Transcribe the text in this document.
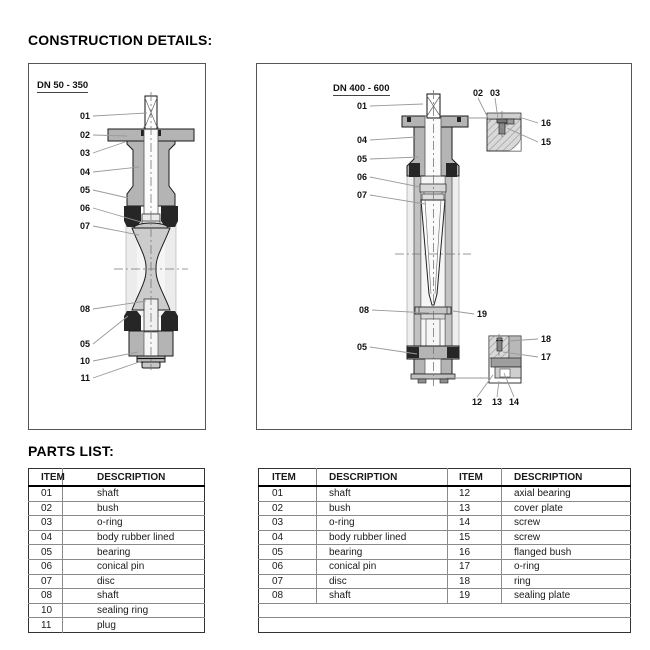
CONSTRUCTION DETAILS:
DN 50 - 350
01
02
03
04
05
06
07
08
05
10
11
DN 400 - 600
01
04
05
06
07
08
05
19
02 03
16
15
18
17
12	13 14
PARTS LIST:
ITEM	DESCRIPTION
01	shaft
02	bush
03	o-ring
04	body rubber lined
05	bearing
06	conical pin
07	disc
08	shaft
10	sealing ring
11	plug
ITEM	DESCRIPTION	ITEM	DESCRIPTION
01	shaft	12	axial bearing
02	bush	13	cover plate
03	o-ring	14	screw
04	body rubber lined	15	screw
05	bearing	16	flanged bush
06	conical pin	17	o-ring
07	disc	18	ring
08	shaft	19	sealing plate
